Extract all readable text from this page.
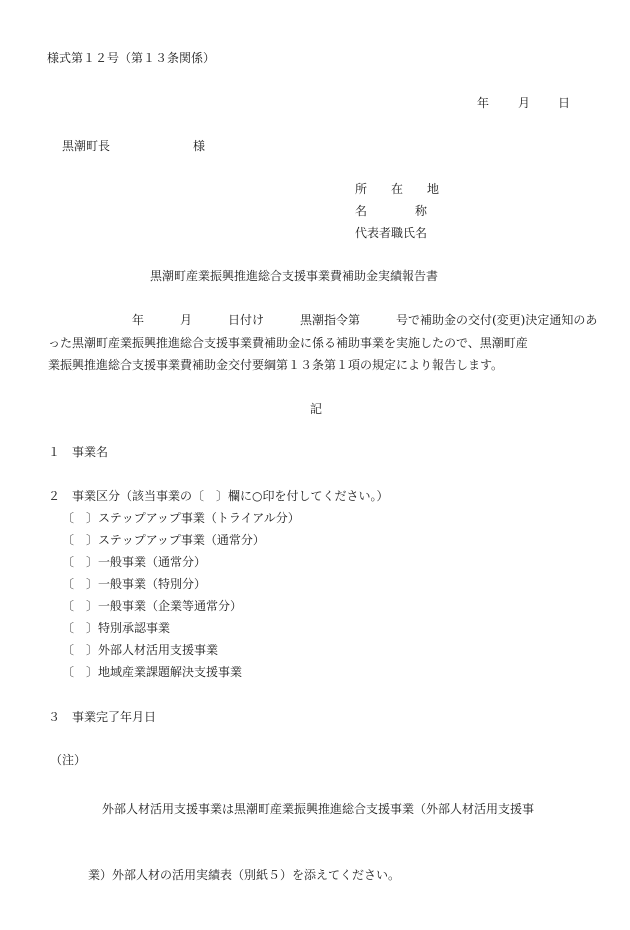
様式第１２号（第１３条関係）
年 月 日
黒潮町長	様
所　　在　　地
名　　　　称
代表者職氏名
黒潮町産業振興推進総合支援事業費補助金実績報告書
　　　　　　　年　　　月　　　日付け　　　黒潮指令第　　　号で補助金の交付(変更)決定通知のあ
った黒潮町産業振興推進総合支援事業費補助金に係る補助事業を実施したので、黒潮町産
業振興推進総合支援事業費補助金交付要綱第１３条第１項の規定により報告します。
記
１　事業名
２　事業区分（該当事業の〔　〕欄に○印を付してください。）
〔　〕ステップアップ事業（トライアル分）
〔　〕ステップアップ事業（通常分）
〔　〕一般事業（通常分）
〔　〕一般事業（特別分）
〔　〕一般事業（企業等通常分）
〔　〕特別承認事業
〔　〕外部人材活用支援事業
〔　〕地域産業課題解決支援事業
３　事業完了年月日
（注）

外部人材活用支援事業は黒潮町産業振興推進総合支援事業（外部人材活用支援事

業）外部人材の活用実績表（別紙５）を添えてください。
